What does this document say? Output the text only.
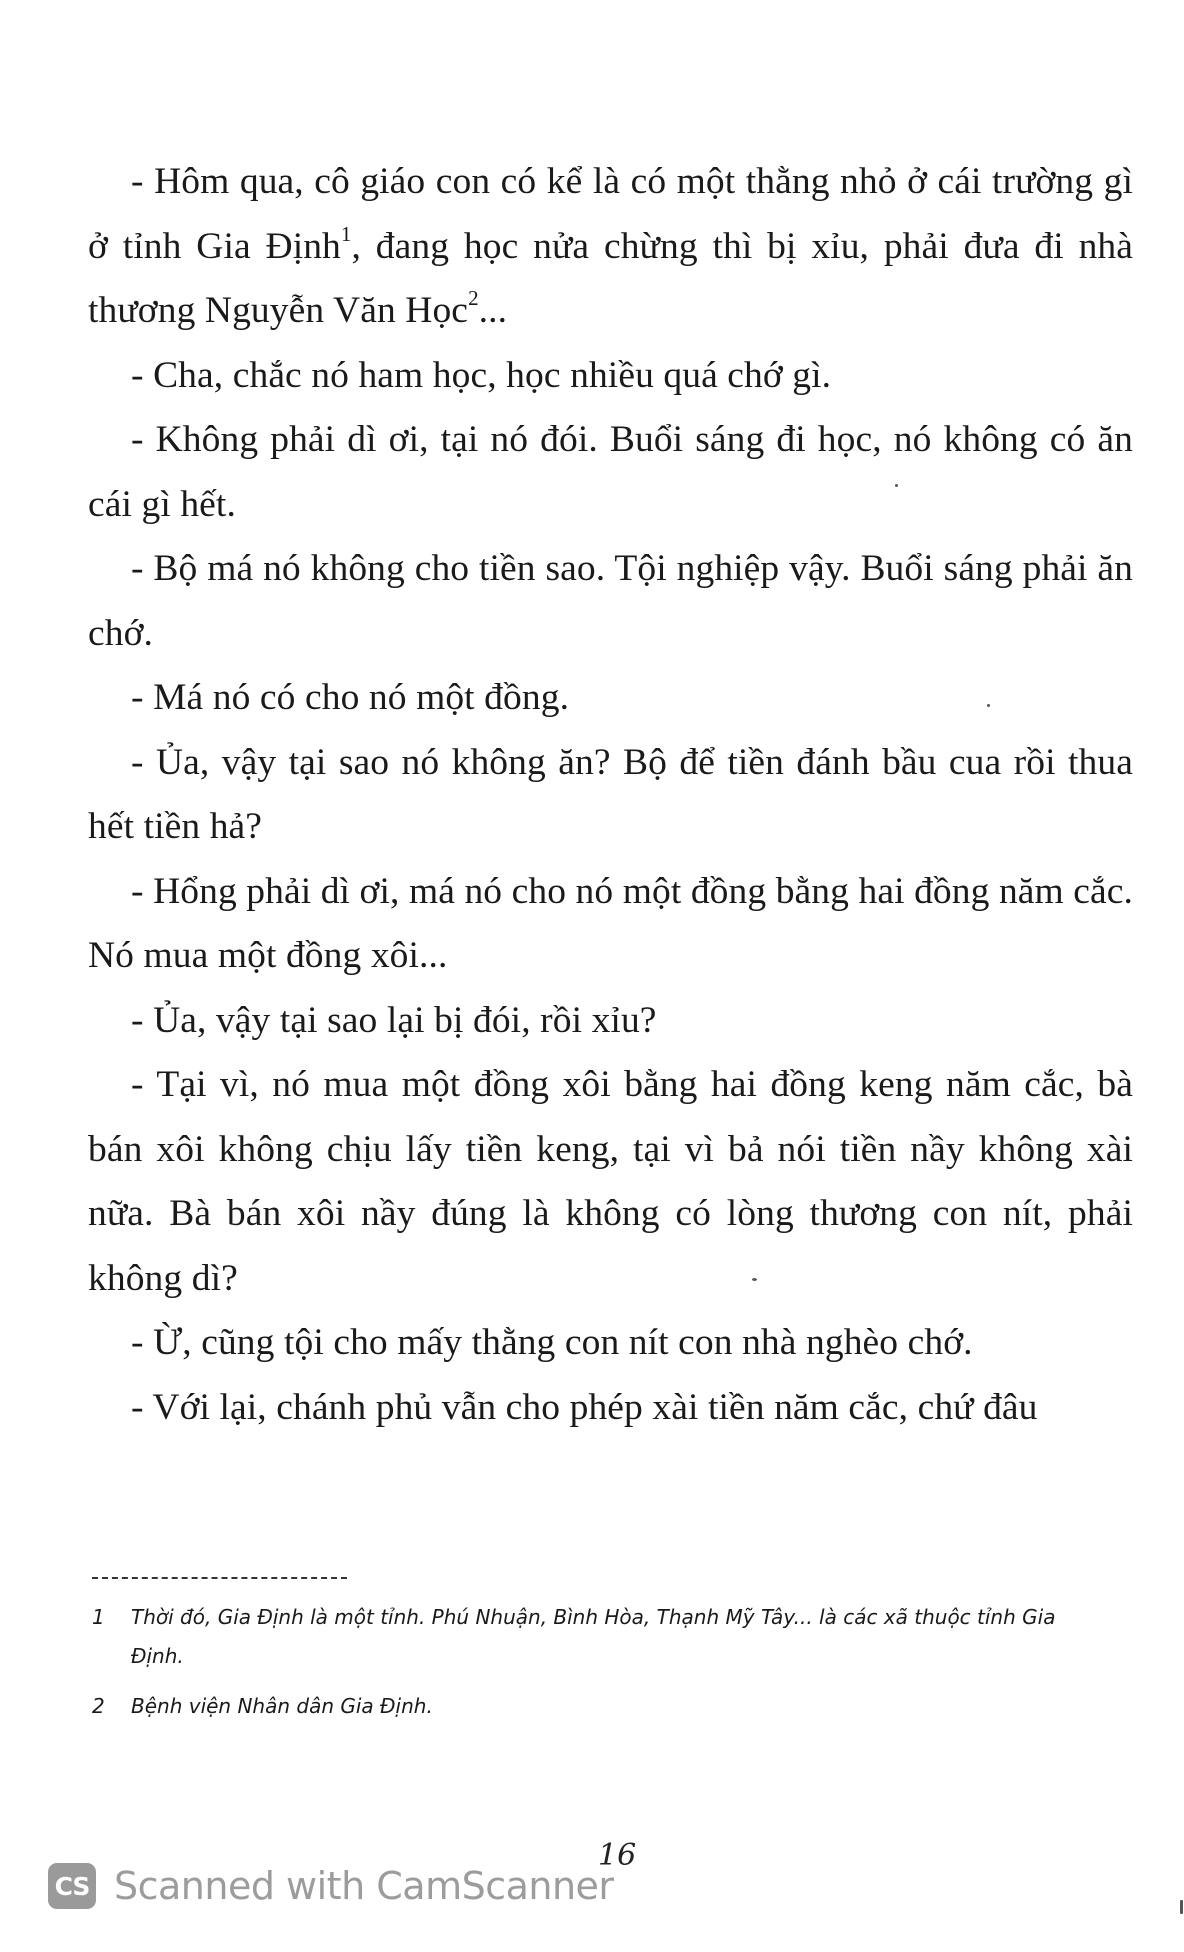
- Hôm qua, cô giáo con có kể là có một thằng nhỏ ở cái trường gì ở tỉnh Gia Định$^1$, đang học nửa chừng thì bị xỉu, phải đưa đi nhà thương Nguyễn Văn Học$^2$...

- Cha, chắc nó ham học, học nhiều quá chớ gì.

- Không phải dì ơi, tại nó đói. Buổi sáng đi học, nó không có ăn cái gì hết.

- Bộ má nó không cho tiền sao. Tội nghiệp vậy. Buổi sáng phải ăn chớ.

- Má nó có cho nó một đồng.

- Ủa, vậy tại sao nó không ăn? Bộ để tiền đánh bầu cua rồi thua hết tiền hả?

- Hổng phải dì ơi, má nó cho nó một đồng bằng hai đồng năm cắc. Nó mua một đồng xôi...

- Ủa, vậy tại sao lại bị đói, rồi xỉu?

- Tại vì, nó mua một đồng xôi bằng hai đồng keng năm cắc, bà bán xôi không chịu lấy tiền keng, tại vì bả nói tiền nầy không xài nữa. Bà bán xôi nầy đúng là không có lòng thương con nít, phải không dì?

- Ừ, cũng tội cho mấy thằng con nít con nhà nghèo chớ.

- Với lại, chánh phủ vẫn cho phép xài tiền năm cắc, chứ đâu

1	Thời đó, Gia Định là một tỉnh. Phú Nhuận, Bình Hòa, Thạnh Mỹ Tây... là các xã thuộc tỉnh Gia Định.
2	Bệnh viện Nhân dân Gia Định.
CS Scanned with CamScanner
16
